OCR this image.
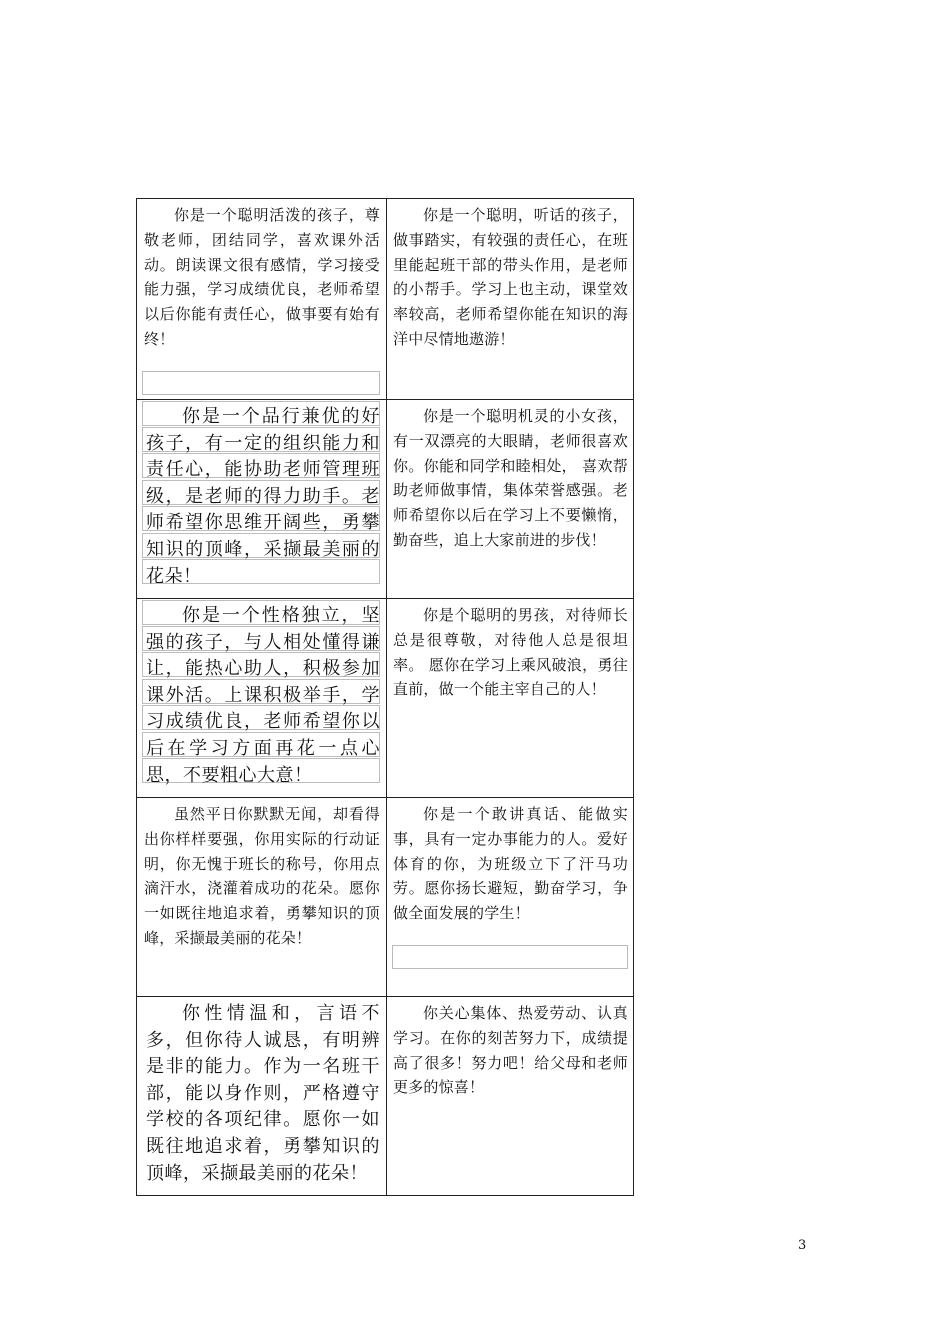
你是一个聪明活泼的孩子，尊敬老师，团结同学，喜欢课外活动。朗读课文很有感情，学习接受能力强，学习成绩优良，老师希望以后你能有责任心，做事要有始有终！

你是一个聪明，听话的孩子，做事踏实，有较强的责任心，在班里能起班干部的带头作用，是老师的小帮手。学习上也主动，课堂效率较高，老师希望你能在知识的海洋中尽情地遨游！

你是一个品行兼优的好孩子，有一定的组织能力和责任心，能协助老师管理班级，是老师的得力助手。老师希望你思维开阔些，勇攀知识的顶峰，采撷最美丽的花朵！

你是一个聪明机灵的小女孩，有一双漂亮的大眼睛，老师很喜欢你。你能和同学和睦相处， 喜欢帮助老师做事情，集体荣誉感强。老师希望你以后在学习上不要懒惰，勤奋些，追上大家前进的步伐！

你是一个性格独立，坚强的孩子，与人相处懂得谦让，能热心助人，积极参加课外活。上课积极举手，学习成绩优良，老师希望你以后在学习方面再花一点心思，不要粗心大意！

你是个聪明的男孩，对待师长总是很尊敬，对待他人总是很坦率。 愿你在学习上乘风破浪，勇往直前，做一个能主宰自己的人！

虽然平日你默默无闻，却看得出你样样要强，你用实际的行动证明，你无愧于班长的称号，你用点滴汗水，浇灌着成功的花朵。愿你一如既往地追求着，勇攀知识的顶峰，采撷最美丽的花朵！

你是一个敢讲真话、能做实事，具有一定办事能力的人。爱好体育的你，为班级立下了汗马功劳。愿你扬长避短，勤奋学习，争做全面发展的学生！

你性情温和，言语不多，但你待人诚恳，有明辨是非的能力。作为一名班干部，能以身作则，严格遵守学校的各项纪律。愿你一如既往地追求着，勇攀知识的顶峰，采撷最美丽的花朵！

你关心集体、热爱劳动、认真学习。在你的刻苦努力下，成绩提高了很多！努力吧！给父母和老师更多的惊喜！

3
